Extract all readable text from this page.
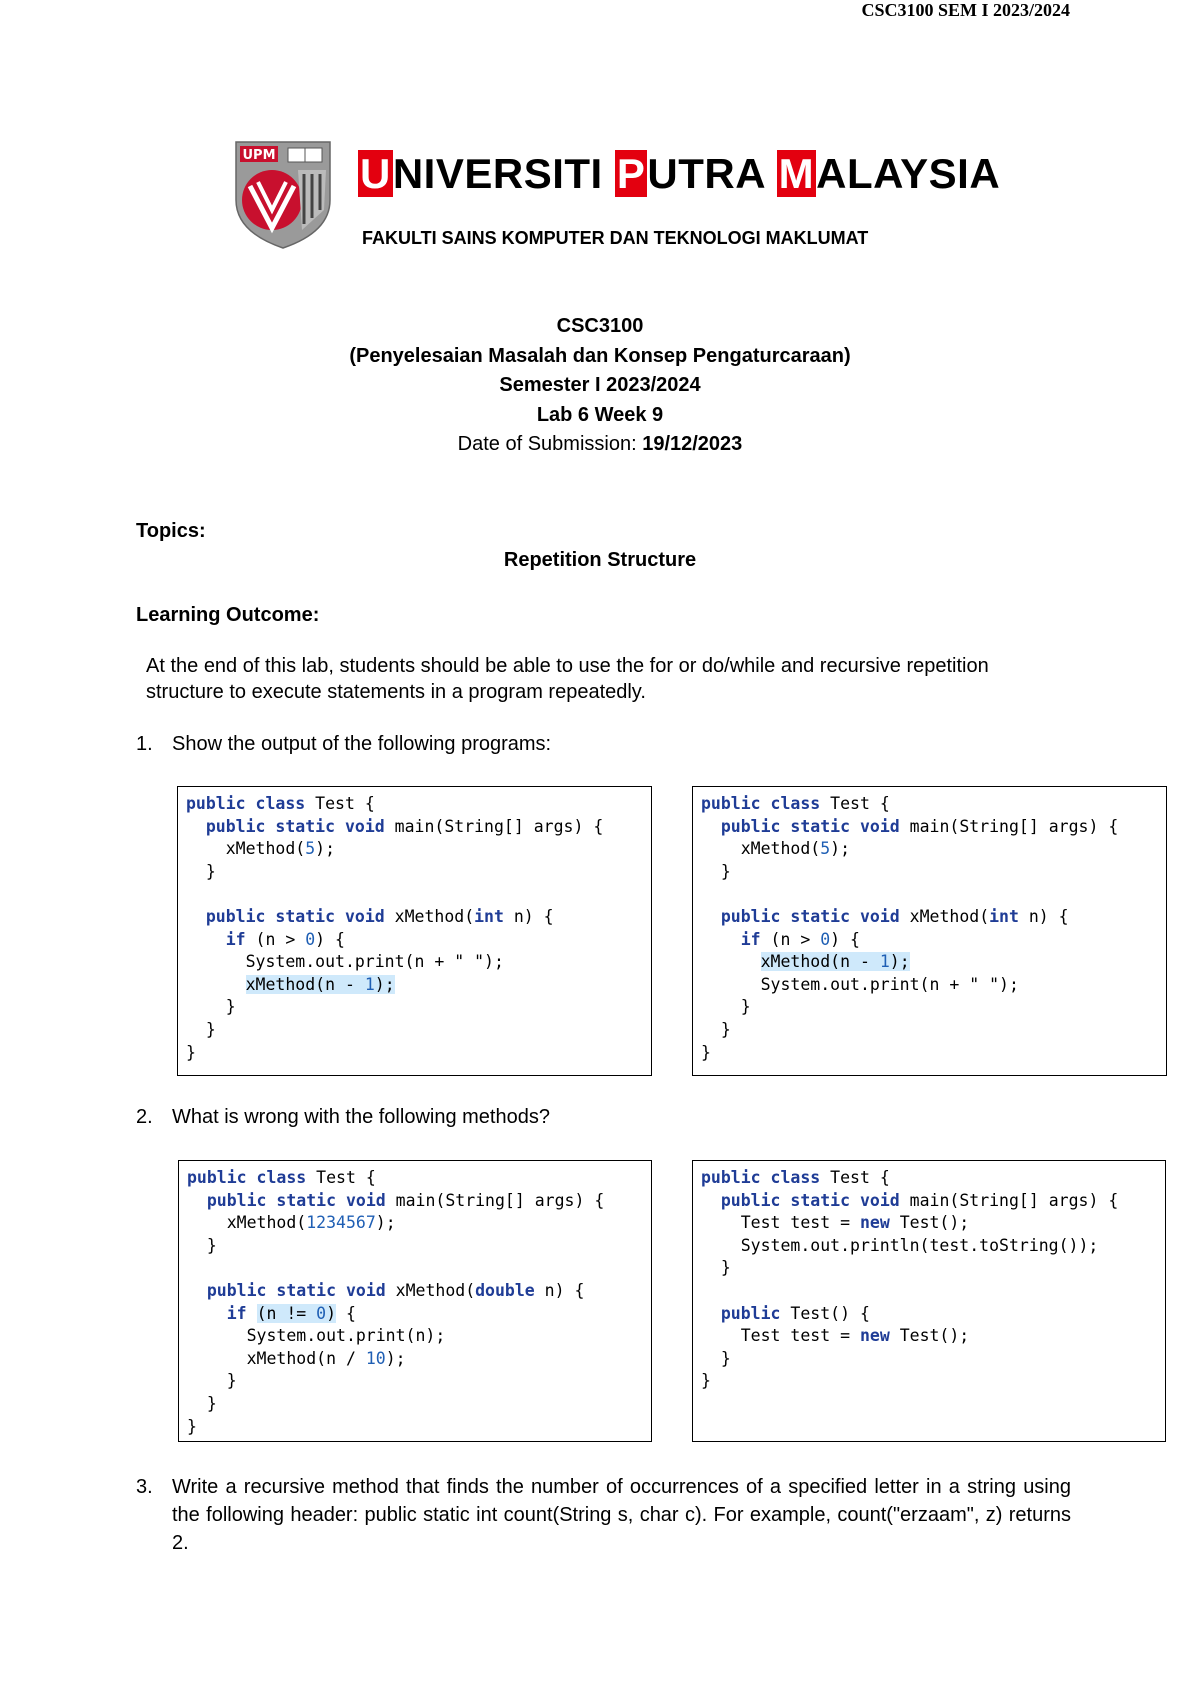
CSC3100 SEM I 2023/2024
UPM UNIVERSITI PUTRA MALAYSIA
FAKULTI SAINS KOMPUTER DAN TEKNOLOGI MAKLUMAT
CSC3100
(Penyelesaian Masalah dan Konsep Pengaturcaraan)
Semester I 2023/2024
Lab 6 Week 9
Date of Submission: 19/12/2023
Topics:
Repetition Structure
Learning Outcome:
At the end of this lab, students should be able to use the for or do/while and recursive repetition structure to execute statements in a program repeatedly.
1. Show the output of the following programs:
public class Test {
public static void main(String[] args) {
xMethod(5);
}

public static void xMethod(int n) {
if (n > 0) {
System.out.print(n + " ");
xMethod(n - 1);
}
}
}
public class Test {
public static void main(String[] args) {
xMethod(5);
}

public static void xMethod(int n) {
if (n > 0) {
xMethod(n - 1);
System.out.print(n + " ");
}
}
}
2. What is wrong with the following methods?
public class Test {
public static void main(String[] args) {
xMethod(1234567);
}

public static void xMethod(double n) {
if (n != 0) {
System.out.print(n);
xMethod(n / 10);
}
}
}
public class Test {
public static void main(String[] args) {
Test test = new Test();
System.out.println(test.toString());
}

public Test() {
Test test = new Test();
}
}
3. Write a recursive method that finds the number of occurrences of a specified letter in a string using the following header: public static int count(String s, char c). For example, count("erzaam", z) returns 2.
